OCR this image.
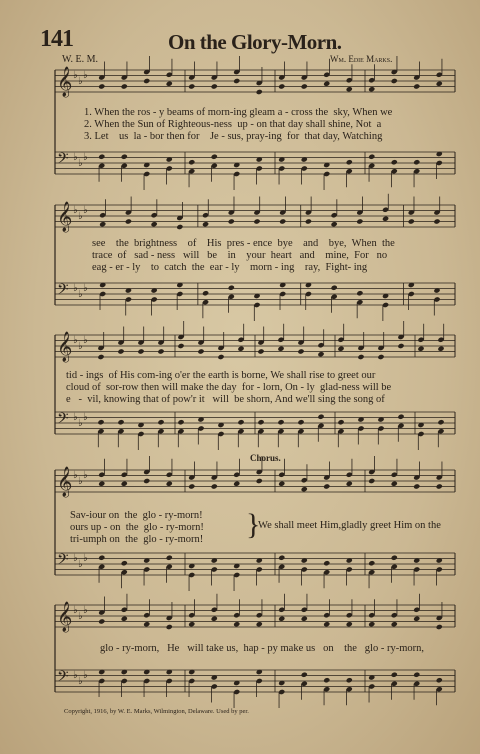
141	On the Glory-Morn.
W. E. M.	Wm. Edie Marks.
𝄞 ♭
♭
♭
𝄢 ♭
♭
♭
𝄞 ♭
♭
♭
𝄢 ♭
♭
♭
𝄞 ♭
♭
♭
𝄢 ♭
♭
♭
𝄞 ♭
♭
♭
𝄢 ♭
♭
♭
𝄞 ♭
♭
♭
𝄢 ♭
♭
♭
1. When the ros - y beams of morn-ing gleam a - cross the  sky, When we
2. When the Sun of Righteous-ness  up - on that day shall shine, Not  a
3. Let    us  la - bor then for    Je - sus, pray-ing  for  that day, Watching
see    the  brightness    of    His  pres - ence  bye    and    bye,  When  the
trace  of   sad - ness   will   be    in    your  heart   and    mine,  For   no
eag - er - ly    to  catch  the  ear - ly    morn - ing    ray,  Fight- ing
tid - ings  of His com-ing o'er the earth is borne, We shall rise to greet our
cloud of  sor-row then will make the day  for - lorn, On - ly  glad-ness will be
e   -  vil, knowing that of pow'r it   will  be shorn, And we'll sing the song of
Chorus.
Sav-iour on  the  glo - ry-morn!
ours up - on  the  glo - ry-morn!
tri-umph on  the  glo - ry-morn! }
We shall meet Him,gladly greet Him on the
glo - ry-morn,   He   will take us,  hap - py make us   on    the   glo - ry-morn,
Copyright, 1916, by W. E. Marks, Wilmington, Delaware. Used by per.
